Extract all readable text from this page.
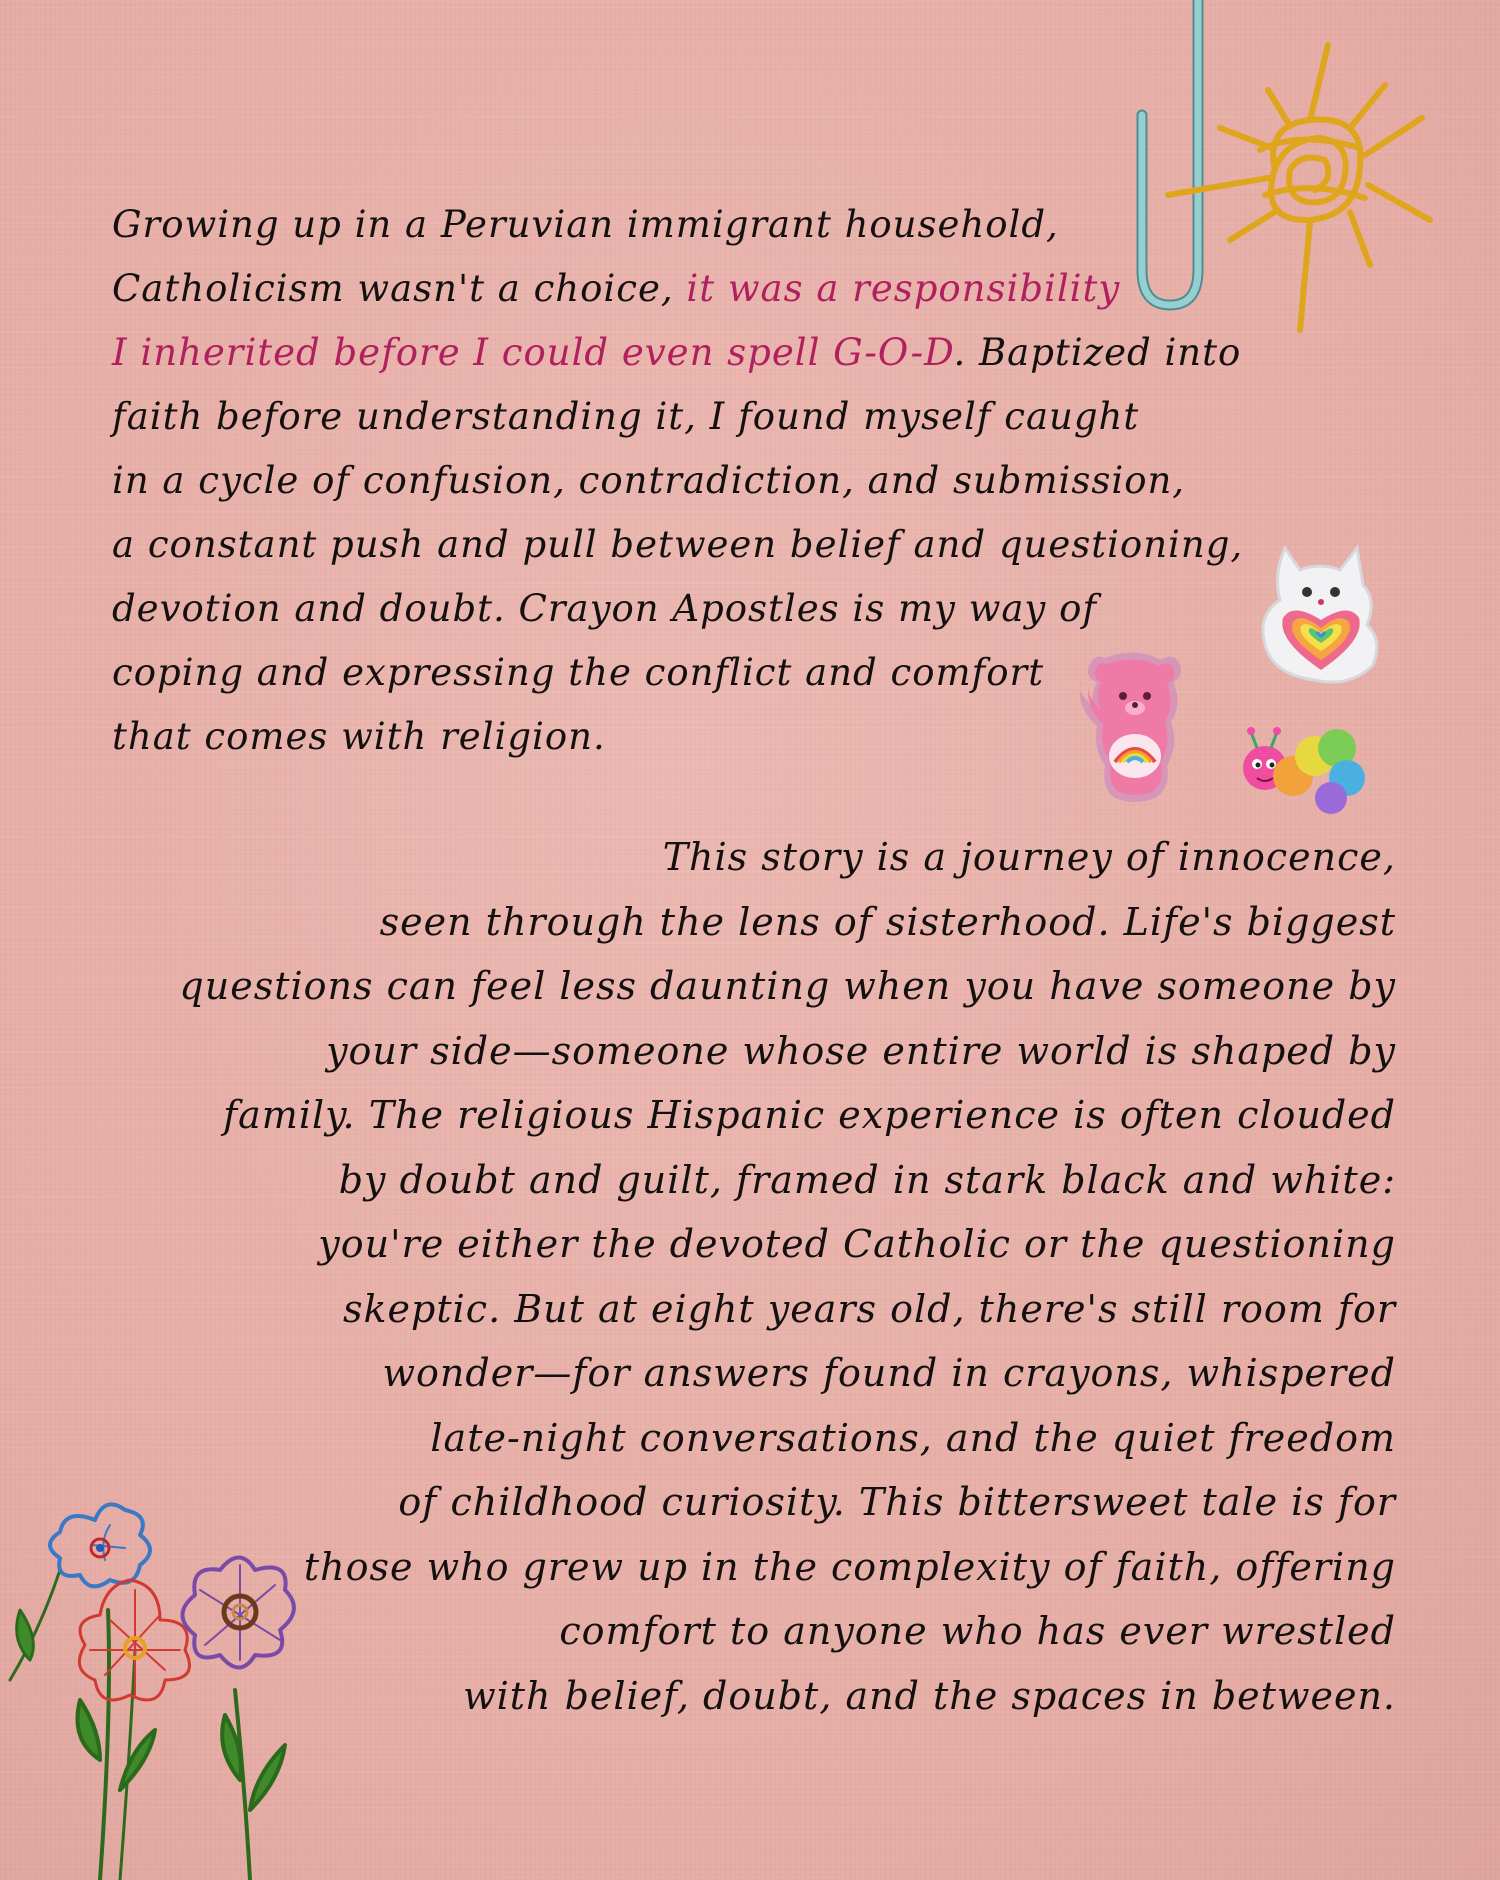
Growing up in a Peruvian immigrant household,
Catholicism wasn't a choice, it was a responsibility
I inherited before I could even spell G-O-D. Baptized into
faith before understanding it, I found myself caught
in a cycle of confusion, contradiction, and submission,
a constant push and pull between belief and questioning,
devotion and doubt. Crayon Apostles is my way of
coping and expressing the conflict and comfort
that comes with religion.
This story is a journey of innocence,
seen through the lens of sisterhood. Life's biggest
questions can feel less daunting when you have someone by
your side—someone whose entire world is shaped by
family. The religious Hispanic experience is often clouded
by doubt and guilt, framed in stark black and white:
you're either the devoted Catholic or the questioning
skeptic. But at eight years old, there's still room for
wonder—for answers found in crayons, whispered
late-night conversations, and the quiet freedom
of childhood curiosity. This bittersweet tale is for
those who grew up in the complexity of faith, offering
comfort to anyone who has ever wrestled
with belief, doubt, and the spaces in between.
